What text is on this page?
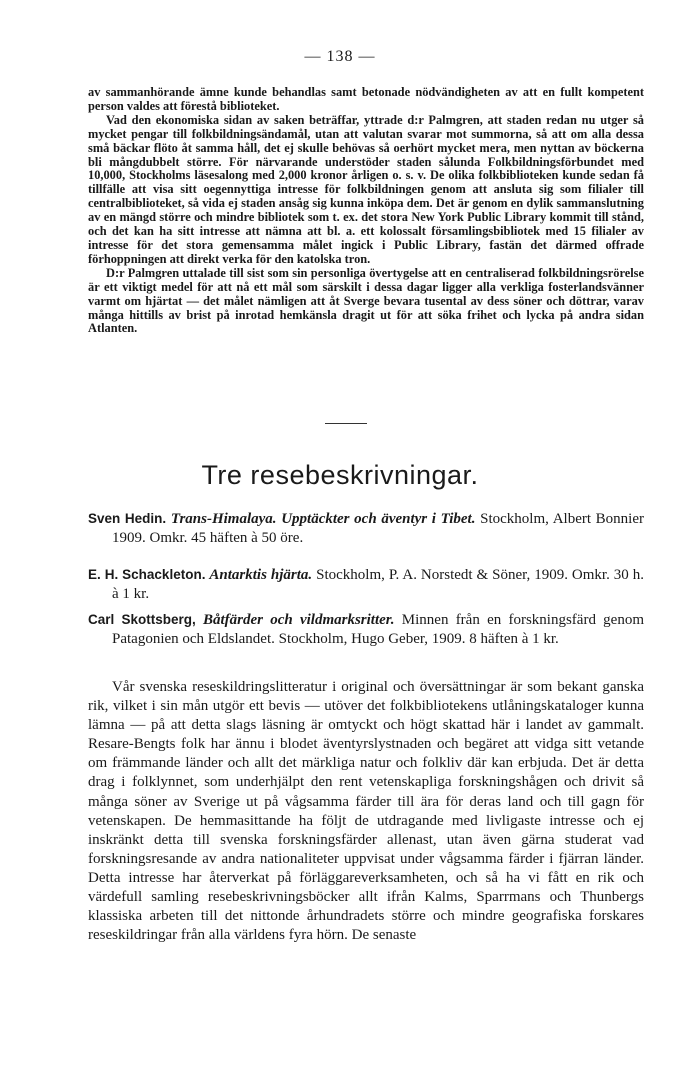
— 138 —

av sammanhörande ämne kunde behandlas samt betonade nödvändigheten av att en fullt kompetent person valdes att förestå biblioteket.

Vad den ekonomiska sidan av saken beträffar, yttrade d:r Palmgren, att staden redan nu utger så mycket pengar till folkbildningsändamål, utan att valutan svarar mot summorna, så att om alla dessa små bäckar flöto åt samma håll, det ej skulle behövas så oerhört mycket mera, men nyttan av böckerna bli mångdubbelt större. För närvarande understöder staden sålunda Folkbildningsförbundet med 10,000, Stockholms läsesalong med 2,000 kronor årligen o. s. v. De olika folkbiblioteken kunde sedan få tillfälle att visa sitt oegennyttiga intresse för folkbildningen genom att ansluta sig som filialer till centralbiblioteket, så vida ej staden ansåg sig kunna inköpa dem. Det är genom en dylik sammanslutning av en mängd större och mindre bibliotek som t. ex. det stora New York Public Library kommit till stånd, och det kan ha sitt intresse att nämna att bl. a. ett kolossalt församlingsbibliotek med 15 filialer av intresse för det stora gemensamma målet ingick i Public Library, fastän det därmed offrade förhoppningen att direkt verka för den katolska tron.

D:r Palmgren uttalade till sist som sin personliga övertygelse att en centraliserad folkbildningsrörelse är ett viktigt medel för att nå ett mål som särskilt i dessa dagar ligger alla verkliga fosterlandsvänner varmt om hjärtat — det målet nämligen att åt Sverge bevara tusental av dess söner och döttrar, varav många hittills av brist på inrotad hemkänsla dragit ut för att söka frihet och lycka på andra sidan Atlanten.

Tre resebeskrivningar.

Sven Hedin. Trans-Himalaya. Upptäckter och äventyr i Tibet. Stockholm, Albert Bonnier 1909. Omkr. 45 häften à 50 öre.

E. H. Schackleton. Antarktis hjärta. Stockholm, P. A. Norstedt & Söner, 1909. Omkr. 30 h. à 1 kr.

Carl Skottsberg, Båtfärder och vildmarksritter. Minnen från en forskningsfärd genom Patagonien och Eldslandet. Stockholm, Hugo Geber, 1909. 8 häften à 1 kr.

Vår svenska reseskildringslitteratur i original och översättningar är som bekant ganska rik, vilket i sin mån utgör ett bevis — utöver det folkbibliotekens utlåningskataloger kunna lämna — på att detta slags läsning är omtyckt och högt skattad här i landet av gammalt. Resare-Bengts folk har ännu i blodet äventyrslystnaden och begäret att vidga sitt vetande om främmande länder och allt det märkliga natur och folkliv där kan erbjuda. Det är detta drag i folklynnet, som underhjälpt den rent vetenskapliga forskningshågen och drivit så många söner av Sverige ut på vågsamma färder till ära för deras land och till gagn för vetenskapen. De hemmasittande ha följt de utdragande med livligaste intresse och ej inskränkt detta till svenska forskningsfärder allenast, utan även gärna studerat vad forskningsresande av andra nationaliteter uppvisat under vågsamma färder i fjärran länder. Detta intresse har återverkat på förläggareverksamheten, och så ha vi fått en rik och värdefull samling resebeskrivningsböcker allt ifrån Kalms, Sparrmans och Thunbergs klassiska arbeten till det nittonde århundradets större och mindre geografiska forskares reseskildringar från alla världens fyra hörn. De senaste
